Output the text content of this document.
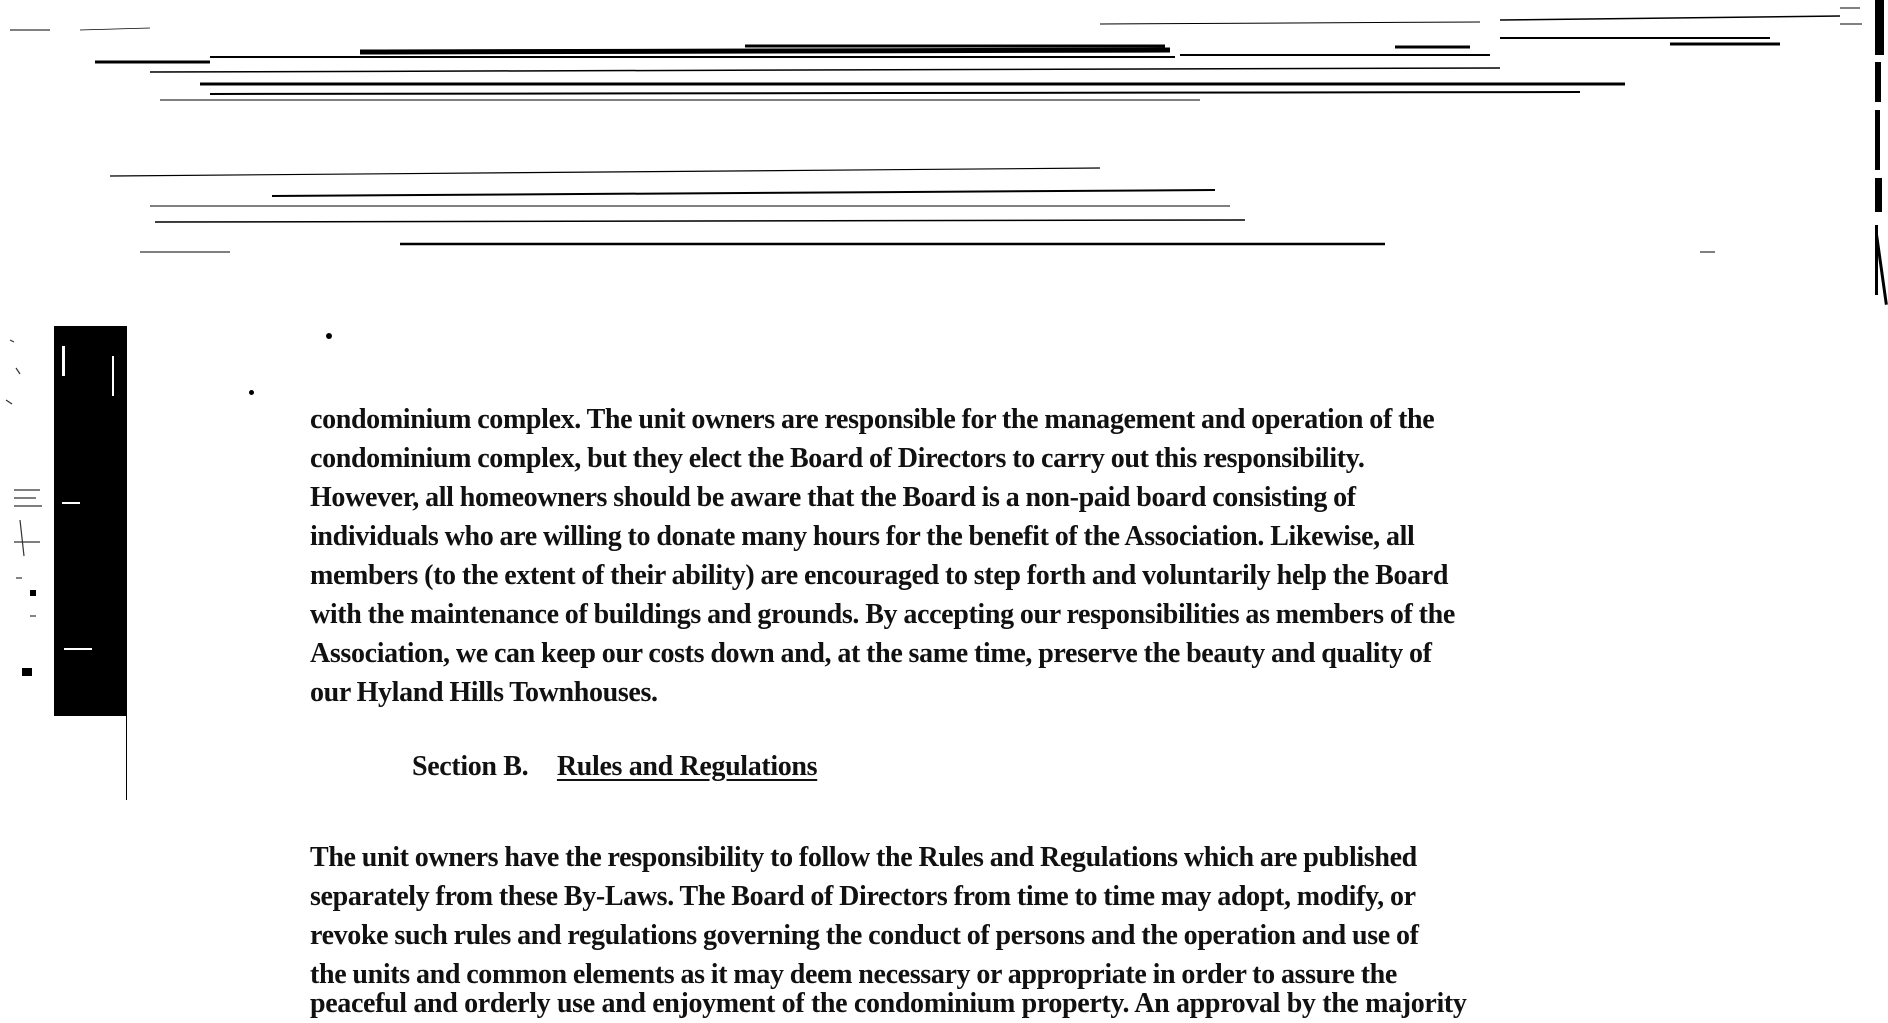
condominium complex. The unit owners are responsible for the management and operation of the
condominium complex, but they elect the Board of Directors to carry out this responsibility.
However, all homeowners should be aware that the Board is a non-paid board consisting of
individuals who are willing to donate many hours for the benefit of the Association. Likewise, all
members (to the extent of their ability) are encouraged to step forth and voluntarily help the Board
with the maintenance of buildings and grounds. By accepting our responsibilities as members of the
Association, we can keep our costs down and, at the same time, preserve the beauty and quality of
our Hyland Hills Townhouses.
Section B. Rules and Regulations
The unit owners have the responsibility to follow the Rules and Regulations which are published
separately from these By-Laws. The Board of Directors from time to time may adopt, modify, or
revoke such rules and regulations governing the conduct of persons and the operation and use of
the units and common elements as it may deem necessary or appropriate in order to assure the
peaceful and orderly use and enjoyment of the condominium property. An approval by the majority
